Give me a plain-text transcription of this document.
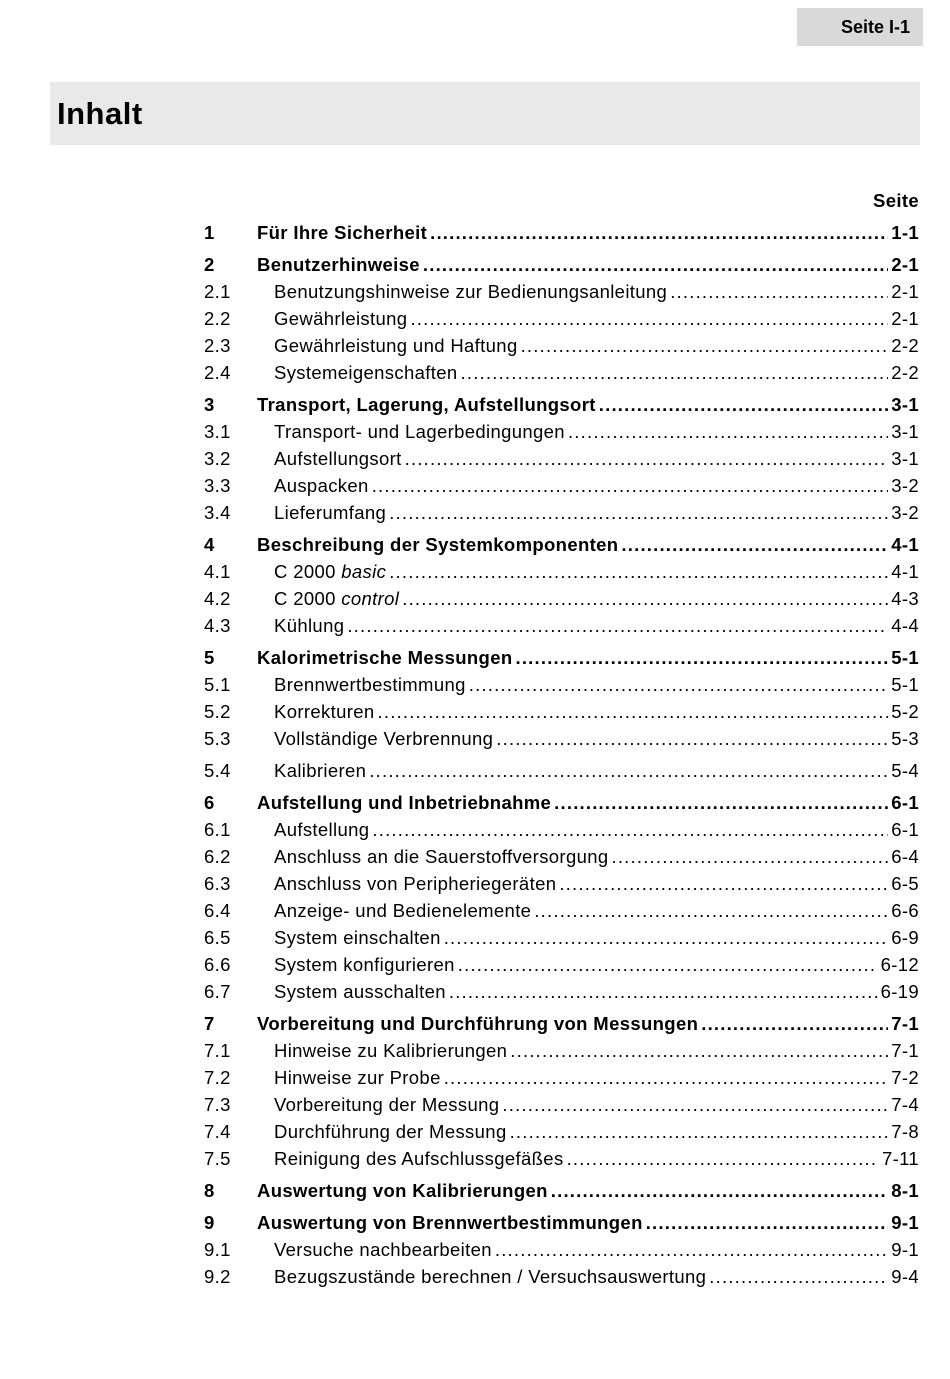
Seite I-1
Inhalt
Seite
1	Für Ihre Sicherheit .....	1-1
2	Benutzerhinweise .....	2-1
2.1	Benutzungshinweise zur Bedienungsanleitung .....	2-1
2.2	Gewährleistung .....	2-1
2.3	Gewährleistung und Haftung .....	2-2
2.4	Systemeigenschaften .....	2-2
3	Transport, Lagerung, Aufstellungsort .....	3-1
3.1	Transport- und Lagerbedingungen .....	3-1
3.2	Aufstellungsort .....	3-1
3.3	Auspacken .....	3-2
3.4	Lieferumfang .....	3-2
4	Beschreibung der Systemkomponenten .....	4-1
4.1	C 2000 basic .....	4-1
4.2	C 2000 control .....	4-3
4.3	Kühlung .....	4-4
5	Kalorimetrische Messungen .....	5-1
5.1	Brennwertbestimmung .....	5-1
5.2	Korrekturen .....	5-2
5.3	Vollständige Verbrennung .....	5-3
5.4	Kalibrieren .....	5-4
6	Aufstellung und Inbetriebnahme .....	6-1
6.1	Aufstellung .....	6-1
6.2	Anschluss an die Sauerstoffversorgung .....	6-4
6.3	Anschluss von Peripheriegeräten .....	6-5
6.4	Anzeige- und Bedienelemente .....	6-6
6.5	System einschalten .....	6-9
6.6	System konfigurieren .....	6-12
6.7	System ausschalten .....	6-19
7	Vorbereitung und Durchführung von Messungen .....	7-1
7.1	Hinweise zu Kalibrierungen .....	7-1
7.2	Hinweise zur Probe .....	7-2
7.3	Vorbereitung der Messung .....	7-4
7.4	Durchführung der Messung .....	7-8
7.5	Reinigung des Aufschlussgefäßes .....	7-11
8	Auswertung von Kalibrierungen .....	8-1
9	Auswertung von Brennwertbestimmungen .....	9-1
9.1	Versuche nachbearbeiten .....	9-1
9.2	Bezugszustände berechnen / Versuchsauswertung .....	9-4
